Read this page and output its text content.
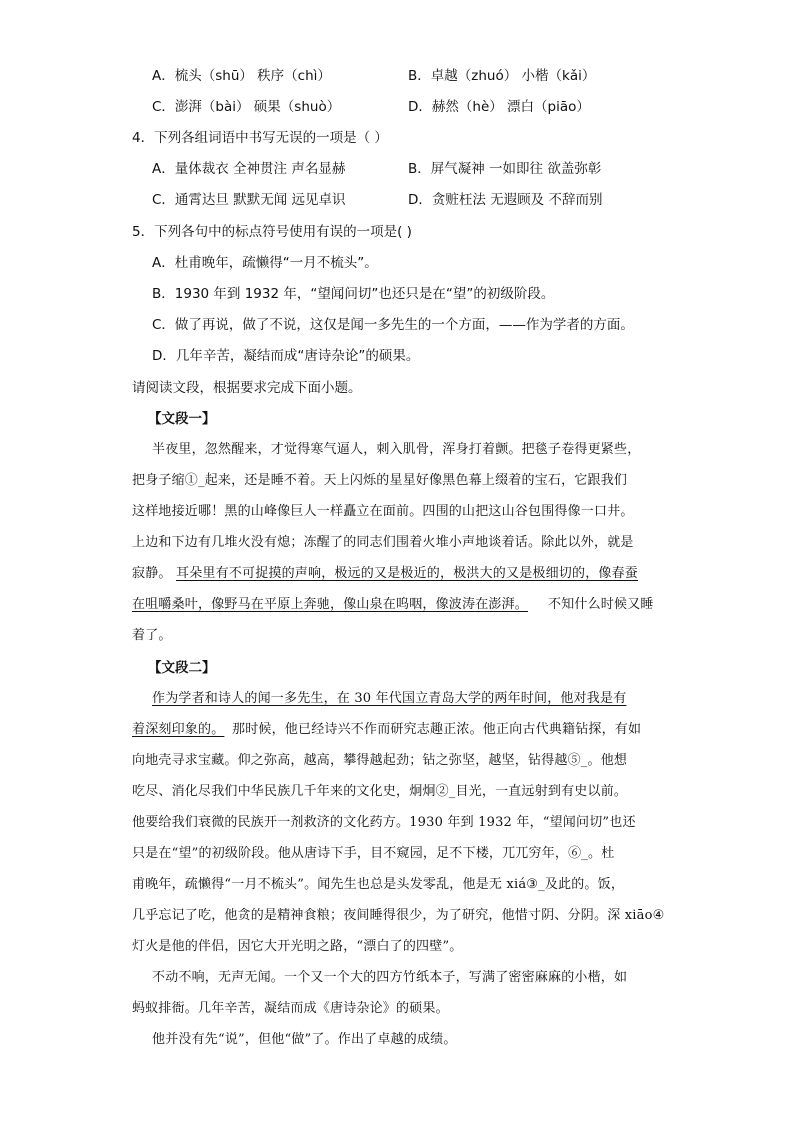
A．梳头（shū） 秩序（chì）	B．卓越（zhuó） 小楷（kǎi）
C．澎湃（bài） 硕果（shuò）	D．赫然（hè） 漂白（piāo）
4．下列各组词语中书写无误的一项是（ ）
A．量体裁衣 全神贯注 声名显赫	B．屏气凝神 一如即往 欲盖弥彰
C．通霄达旦 默默无闻 远见卓识	D．贪赃枉法 无遐顾及 不辞而别
5．下列各句中的标点符号使用有误的一项是( )
A．杜甫晚年，疏懒得“一月不梳头”。
B．1930 年到 1932 年，“望闻问切”也还只是在“望”的初级阶段。
C．做了再说，做了不说，这仅是闻一多先生的一个方面，——作为学者的方面。
D．几年辛苦，凝结而成“唐诗杂论”的硕果。
请阅读文段，根据要求完成下面小题。
【文段一】
半夜里，忽然醒来，才觉得寒气逼人，刺入肌骨，浑身打着颤。把毯子卷得更紧些，
把身子缩①_起来，还是睡不着。天上闪烁的星星好像黑色幕上缀着的宝石，它跟我们
这样地接近哪！黑的山峰像巨人一样矗立在面前。四围的山把这山谷包围得像一口井。
上边和下边有几堆火没有熄；冻醒了的同志们围着火堆小声地谈着话。除此以外，就是
寂静。 耳朵里有不可捉摸的声响，极远的又是极近的，极洪大的又是极细切的，像春蚕
在咀嚼桑叶，像野马在平原上奔驰，像山泉在呜咽，像波涛在澎湃。 不知什么时候又睡
着了。
【文段二】
作为学者和诗人的闻一多先生，在 30 年代国立青岛大学的两年时间，他对我是有
着深刻印象的。 那时候，他已经诗兴不作而研究志趣正浓。他正向古代典籍钻探，有如
向地壳寻求宝藏。仰之弥高，越高，攀得越起劲；钻之弥坚，越坚，钻得越⑤_。他想
吃尽、消化尽我们中华民族几千年来的文化史，炯炯②_目光，一直远射到有史以前。
他要给我们衰微的民族开一剂救济的文化药方。1930 年到 1932 年，“望闻问切”也还
只是在“望”的初级阶段。他从唐诗下手，目不窥园，足不下楼，兀兀穷年，⑥_。杜
甫晚年，疏懒得“一月不梳头”。闻先生也总是头发零乱，他是无 xiá③_及此的。饭，
几乎忘记了吃，他贪的是精神食粮；夜间睡得很少，为了研究，他惜寸阴、分阴。深 xiāo④
灯火是他的伴侣，因它大开光明之路，“漂白了的四壁”。
不动不响，无声无闻。一个又一个大的四方竹纸本子，写满了密密麻麻的小楷，如
蚂蚁排衙。几年辛苦，凝结而成《唐诗杂论》的硕果。
他并没有先“说”，但他“做”了。作出了卓越的成绩。
